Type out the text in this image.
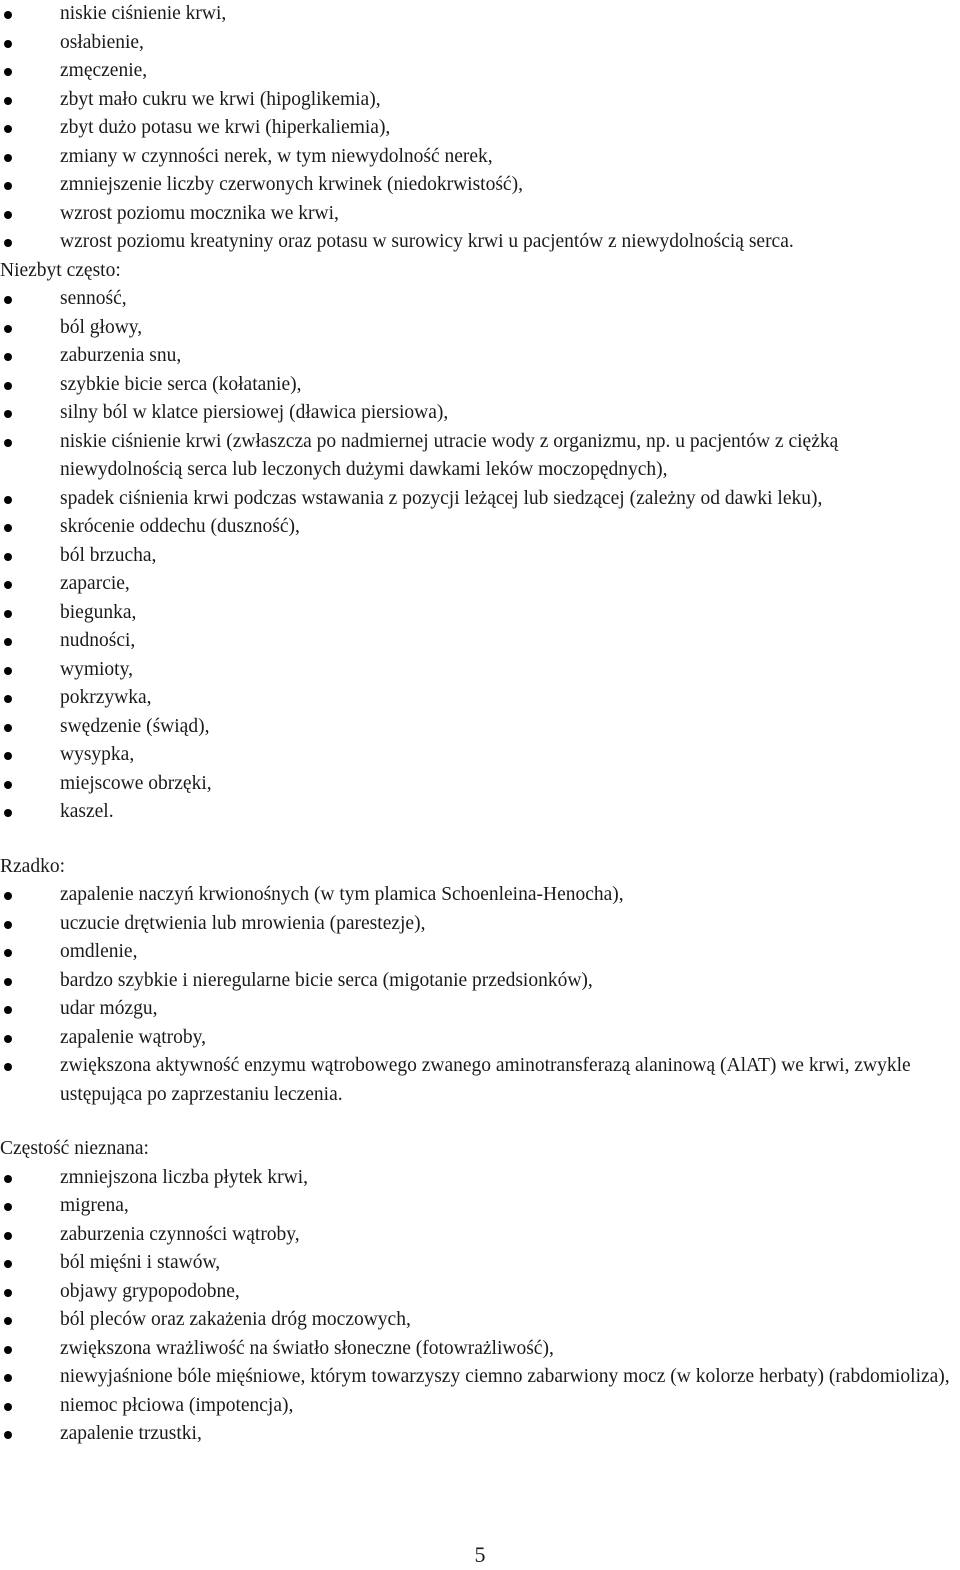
niskie ciśnienie krwi,
osłabienie,
zmęczenie,
zbyt mało cukru we krwi (hipoglikemia),
zbyt dużo potasu we krwi (hiperkaliemia),
zmiany w czynności nerek, w tym niewydolność nerek,
zmniejszenie liczby czerwonych krwinek (niedokrwistość),
wzrost poziomu mocznika we krwi,
wzrost poziomu kreatyniny oraz potasu w surowicy krwi u pacjentów z niewydolnością serca.

Niezbyt często:

senność,
ból głowy,
zaburzenia snu,
szybkie bicie serca (kołatanie),
silny ból w klatce piersiowej (dławica piersiowa),
niskie ciśnienie krwi (zwłaszcza po nadmiernej utracie wody z organizmu, np. u pacjentów z ciężką niewydolnością serca lub leczonych dużymi dawkami leków moczopędnych),
spadek ciśnienia krwi podczas wstawania z pozycji leżącej lub siedzącej (zależny od dawki leku),
skrócenie oddechu (duszność),
ból brzucha,
zaparcie,
biegunka,
nudności,
wymioty,
pokrzywka,
swędzenie (świąd),
wysypka,
miejscowe obrzęki,
kaszel.

Rzadko:

zapalenie naczyń krwionośnych (w tym plamica Schoenleina-Henocha),
uczucie drętwienia lub mrowienia (parestezje),
omdlenie,
bardzo szybkie i nieregularne bicie serca (migotanie przedsionków),
udar mózgu,
zapalenie wątroby,
zwiększona aktywność enzymu wątrobowego zwanego aminotransferazą alaninową (AlAT) we krwi, zwykle ustępująca po zaprzestaniu leczenia.

Częstość nieznana:

zmniejszona liczba płytek krwi,
migrena,
zaburzenia czynności wątroby,
ból mięśni i stawów,
objawy grypopodobne,
ból pleców oraz zakażenia dróg moczowych,
zwiększona wrażliwość na światło słoneczne (fotowrażliwość),
niewyjaśnione bóle mięśniowe, którym towarzyszy ciemno zabarwiony mocz (w kolorze herbaty) (rabdomioliza),
niemoc płciowa (impotencja),
zapalenie trzustki,
5
